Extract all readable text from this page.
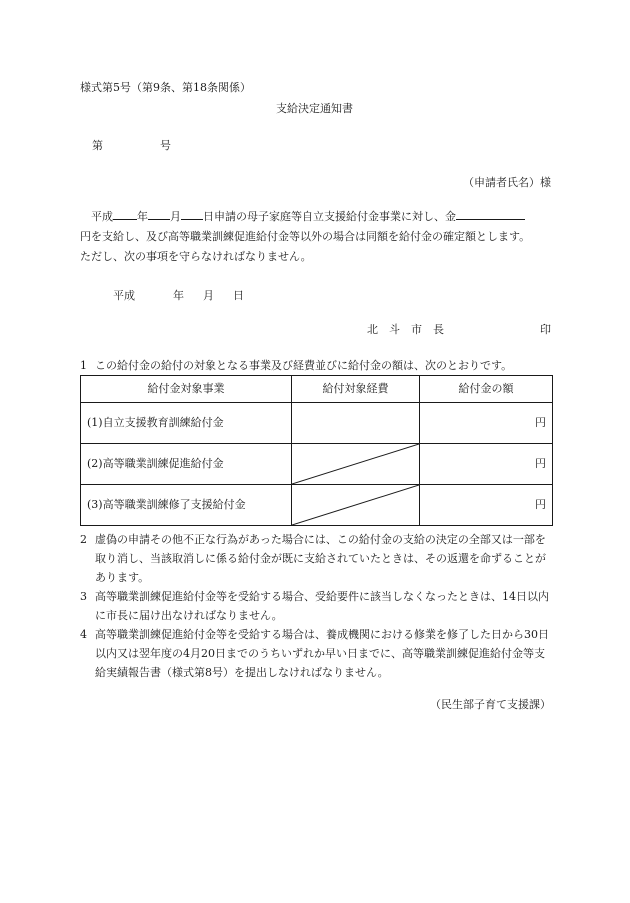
様式第5号（第9条、第18条関係）
支給決定通知書
第	号
（申請者氏名）様
平成 年 月 日申請の母子家庭等自立支援給付金事業に対し、金
円を支給し、及び高等職業訓練促進給付金等以外の場合は同額を給付金の確定額とします。
ただし、次の事項を守らなければなりません。
平成	年 月 日
北　斗　市　長	印
1 この給付金の給付の対象となる事業及び経費並びに給付金の額は、次のとおりです。
給付金対象事業	給付対象経費	給付金の額
(1)自立支援教育訓練給付金		円
(2)高等職業訓練促進給付金		円
(3)高等職業訓練修了支援給付金		円
2 虚偽の申請その他不正な行為があった場合には、この給付金の支給の決定の全部又は一部を取り消し、当該取消しに係る給付金が既に支給されていたときは、その返還を命ずることがあります。
3 高等職業訓練促進給付金等を受給する場合、受給要件に該当しなくなったときは、14日以内に市長に届け出なければなりません。
4 高等職業訓練促進給付金等を受給する場合は、養成機関における修業を修了した日から30日以内又は翌年度の4月20日までのうちいずれか早い日までに、高等職業訓練促進給付金等支給実績報告書（様式第8号）を提出しなければなりません。
（民生部子育て支援課）
